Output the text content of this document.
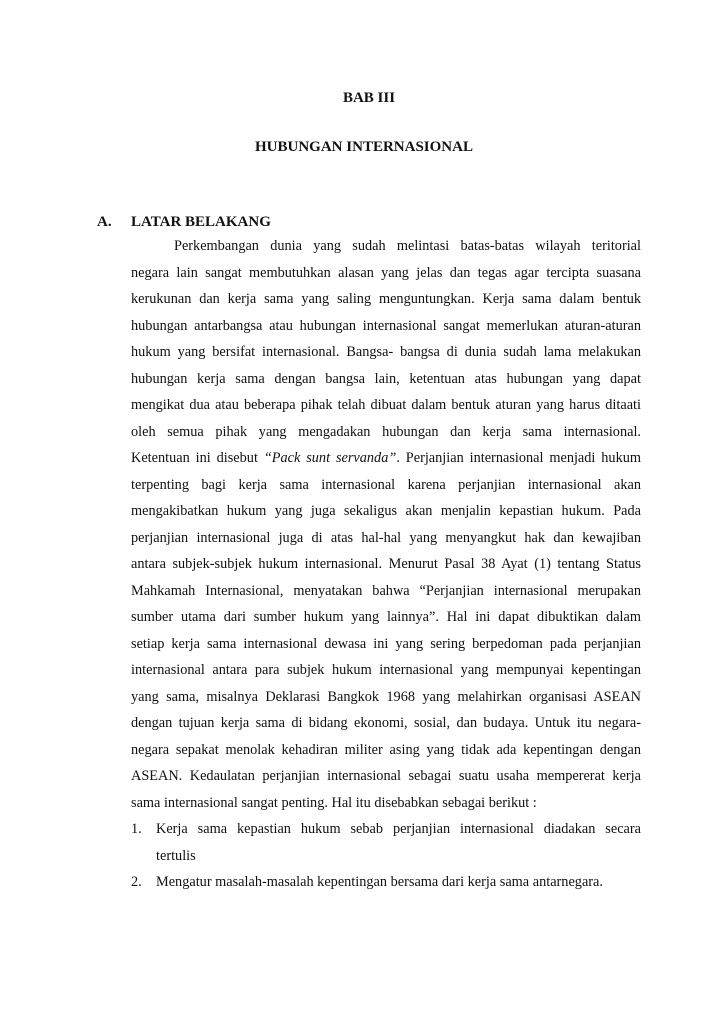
BAB III
HUBUNGAN INTERNASIONAL
A. LATAR BELAKANG
Perkembangan dunia yang sudah melintasi batas-batas wilayah teritorial
negara lain sangat membutuhkan alasan yang jelas dan tegas agar tercipta suasana
kerukunan dan kerja sama yang saling menguntungkan. Kerja sama dalam bentuk
hubungan antarbangsa atau hubungan internasional sangat memerlukan aturan-aturan
hukum yang bersifat internasional. Bangsa- bangsa di dunia sudah lama melakukan
hubungan kerja sama dengan bangsa lain, ketentuan atas hubungan yang dapat
mengikat dua atau beberapa pihak telah dibuat dalam bentuk aturan yang harus ditaati
oleh semua pihak yang mengadakan hubungan dan kerja sama internasional.
Ketentuan ini disebut “Pack sunt servanda”. Perjanjian internasional menjadi hukum
terpenting bagi kerja sama internasional karena perjanjian internasional akan
mengakibatkan hukum yang juga sekaligus akan menjalin kepastian hukum. Pada
perjanjian internasional juga di atas hal-hal yang menyangkut hak dan kewajiban
antara subjek-subjek hukum internasional. Menurut Pasal 38 Ayat (1) tentang Status
Mahkamah Internasional, menyatakan bahwa “Perjanjian internasional merupakan
sumber utama dari sumber hukum yang lainnya”. Hal ini dapat dibuktikan dalam
setiap kerja sama internasional dewasa ini yang sering berpedoman pada perjanjian
internasional antara para subjek hukum internasional yang mempunyai kepentingan
yang sama, misalnya Deklarasi Bangkok 1968 yang melahirkan organisasi ASEAN
dengan tujuan kerja sama di bidang ekonomi, sosial, dan budaya. Untuk itu negara-
negara sepakat menolak kehadiran militer asing yang tidak ada kepentingan dengan
ASEAN. Kedaulatan perjanjian internasional sebagai suatu usaha mempererat kerja
sama internasional sangat penting. Hal itu disebabkan sebagai berikut :
1. Kerja sama kepastian hukum sebab perjanjian internasional diadakan secara
tertulis
2. Mengatur masalah-masalah kepentingan bersama dari kerja sama antarnegara.
